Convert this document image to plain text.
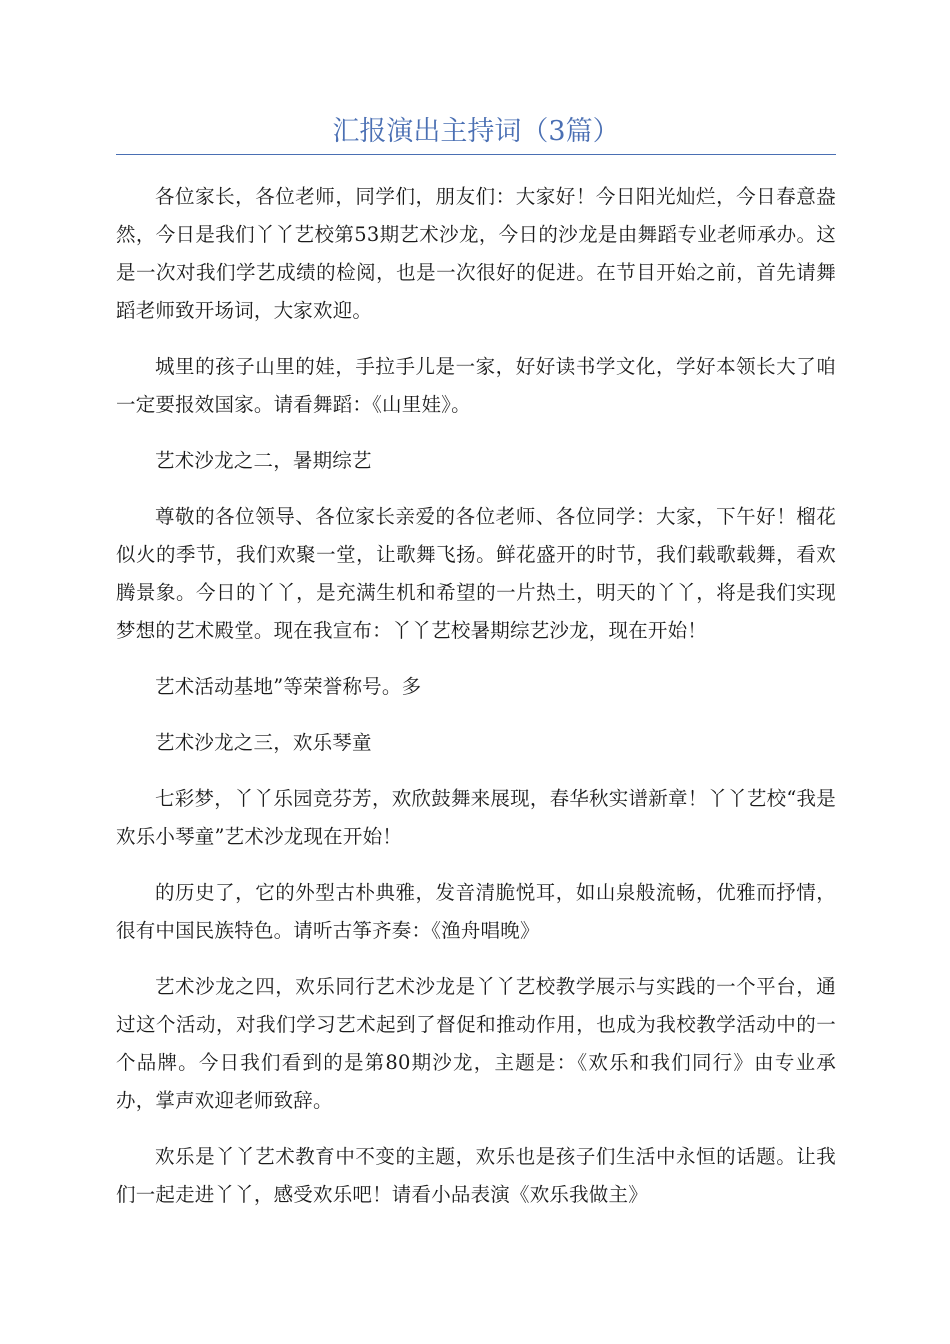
汇报演出主持词（3篇）

各位家长，各位老师，同学们，朋友们：大家好！今日阳光灿烂，今日春意盎然，今日是我们丫丫艺校第53期艺术沙龙，今日的沙龙是由舞蹈专业老师承办。这是一次对我们学艺成绩的检阅，也是一次很好的促进。在节目开始之前，首先请舞蹈老师致开场词，大家欢迎。

城里的孩子山里的娃，手拉手儿是一家，好好读书学文化，学好本领长大了咱一定要报效国家。请看舞蹈：《山里娃》。

艺术沙龙之二，暑期综艺

尊敬的各位领导、各位家长亲爱的各位老师、各位同学：大家，下午好！榴花似火的季节，我们欢聚一堂，让歌舞飞扬。鲜花盛开的时节，我们载歌载舞，看欢腾景象。今日的丫丫，是充满生机和希望的一片热土，明天的丫丫，将是我们实现梦想的艺术殿堂。现在我宣布：丫丫艺校暑期综艺沙龙，现在开始！

艺术活动基地”等荣誉称号。多

艺术沙龙之三，欢乐琴童

七彩梦，丫丫乐园竞芬芳，欢欣鼓舞来展现，春华秋实谱新章！丫丫艺校“我是欢乐小琴童”艺术沙龙现在开始！

的历史了，它的外型古朴典雅，发音清脆悦耳，如山泉般流畅，优雅而抒情，很有中国民族特色。请听古筝齐奏：《渔舟唱晚》

艺术沙龙之四，欢乐同行艺术沙龙是丫丫艺校教学展示与实践的一个平台，通过这个活动，对我们学习艺术起到了督促和推动作用，也成为我校教学活动中的一个品牌。今日我们看到的是第80期沙龙，主题是：《欢乐和我们同行》由专业承办，掌声欢迎老师致辞。

欢乐是丫丫艺术教育中不变的主题，欢乐也是孩子们生活中永恒的话题。让我们一起走进丫丫，感受欢乐吧！请看小品表演《欢乐我做主》
